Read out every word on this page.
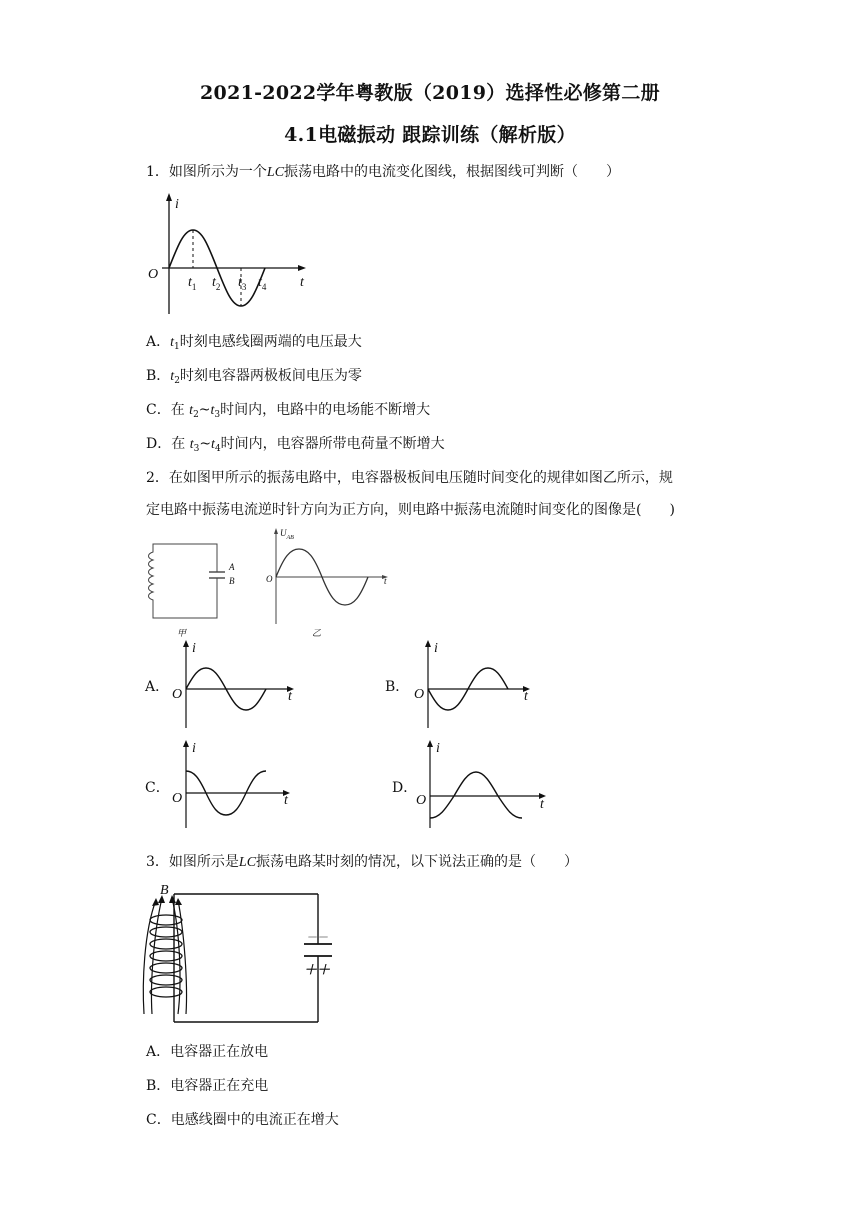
2021-2022学年粤教版（2019）选择性必修第二册
4.1电磁振动 跟踪训练（解析版）
1．如图所示为一个LC振荡电路中的电流变化图线，根据图线可判断（　　）
i
O
t
$t_1$ $t_2$ $t_3$ $t_4$
A．$t_1$时刻电感线圈两端的电压最大
B．$t_2$时刻电容器两极板间电压为零
C．在 $t_2\sim t_3$时间内，电路中的电场能不断增大
D．在 $t_3\sim t_4$时间内，电容器所带电荷量不断增大
2．在如图甲所示的振荡电路中，电容器极板间电压随时间变化的规律如图乙所示，规
定电路中振荡电流逆时针方向为正方向，则电路中振荡电流随时间变化的图像是(　　)
A
B
甲
$U_{AB}$
O	t
乙
A．
i
O	t
B．
i
O	t
C．
i
O	t
D．
i
O	t
3．如图所示是LC振荡电路某时刻的情况，以下说法正确的是（　　）
B
－－
＋＋
A．电容器正在放电
B．电容器正在充电
C．电感线圈中的电流正在增大
